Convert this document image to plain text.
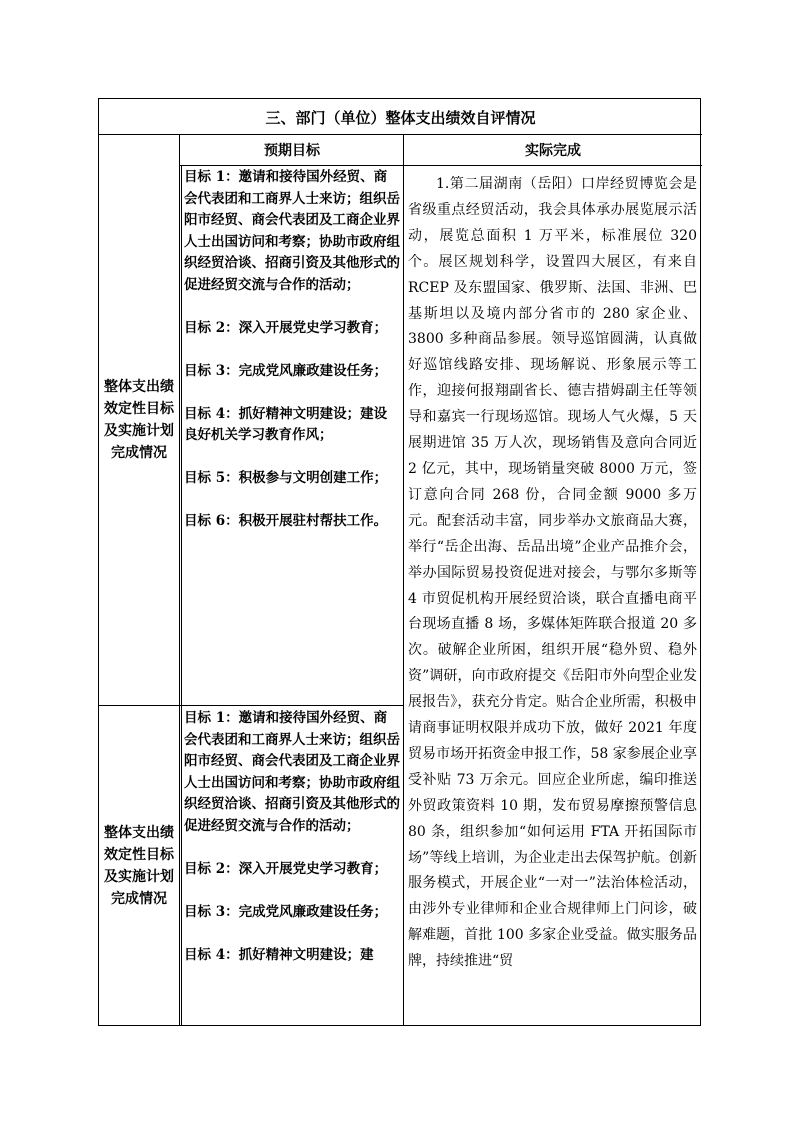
三、部门（单位）整体支出绩效自评情况
预期目标	实际完成
整体支出绩效定性目标及实施计划完成情况

目标 1：邀请和接待国外经贸、商会代表团和工商界人士来访；组织岳阳市经贸、商会代表团及工商企业界人士出国访问和考察；协助市政府组织经贸洽谈、招商引资及其他形式的促进经贸交流与合作的活动；

目标 2：深入开展党史学习教育；

目标 3：完成党风廉政建设任务；

目标 4：抓好精神文明建设；建设良好机关学习教育作风；

目标 5：积极参与文明创建工作；

目标 6：积极开展驻村帮扶工作。

整体支出绩效定性目标及实施计划完成情况

目标 1：邀请和接待国外经贸、商会代表团和工商界人士来访；组织岳阳市经贸、商会代表团及工商企业界人士出国访问和考察；协助市政府组织经贸洽谈、招商引资及其他形式的促进经贸交流与合作的活动；

目标 2：深入开展党史学习教育；

目标 3：完成党风廉政建设任务；

目标 4：抓好精神文明建设；建

1.第二届湖南（岳阳）口岸经贸博览会是省级重点经贸活动，我会具体承办展览展示活动，展览总面积 1 万平米，标准展位 320 个。展区规划科学，设置四大展区，有来自 RCEP 及东盟国家、俄罗斯、法国、非洲、巴基斯坦以及境内部分省市的 280 家企业、3800 多种商品参展。领导巡馆圆满，认真做好巡馆线路安排、现场解说、形象展示等工作，迎接何报翔副省长、德吉措姆副主任等领导和嘉宾一行现场巡馆。现场人气火爆，5 天展期进馆 35 万人次，现场销售及意向合同近 2 亿元，其中，现场销量突破 8000 万元，签订意向合同 268 份，合同金额 9000 多万元。配套活动丰富，同步举办文旅商品大赛，举行“岳企出海、岳品出境”企业产品推介会，举办国际贸易投资促进对接会，与鄂尔多斯等 4 市贸促机构开展经贸洽谈，联合直播电商平台现场直播 8 场，多媒体矩阵联合报道 20 多次。破解企业所困，组织开展“稳外贸、稳外资”调研，向市政府提交《岳阳市外向型企业发展报告》，获充分肯定。贴合企业所需，积极申请商事证明权限并成功下放，做好 2021 年度贸易市场开拓资金申报工作，58 家参展企业享受补贴 73 万余元。回应企业所虑，编印推送外贸政策资料 10 期，发布贸易摩擦预警信息 80 条，组织参加“如何运用 FTA 开拓国际市场”等线上培训，为企业走出去保驾护航。创新服务模式，开展企业“一对一”法治体检活动，由涉外专业律师和企业合规律师上门问诊，破解难题，首批 100 多家企业受益。做实服务品牌，持续推进“贸
